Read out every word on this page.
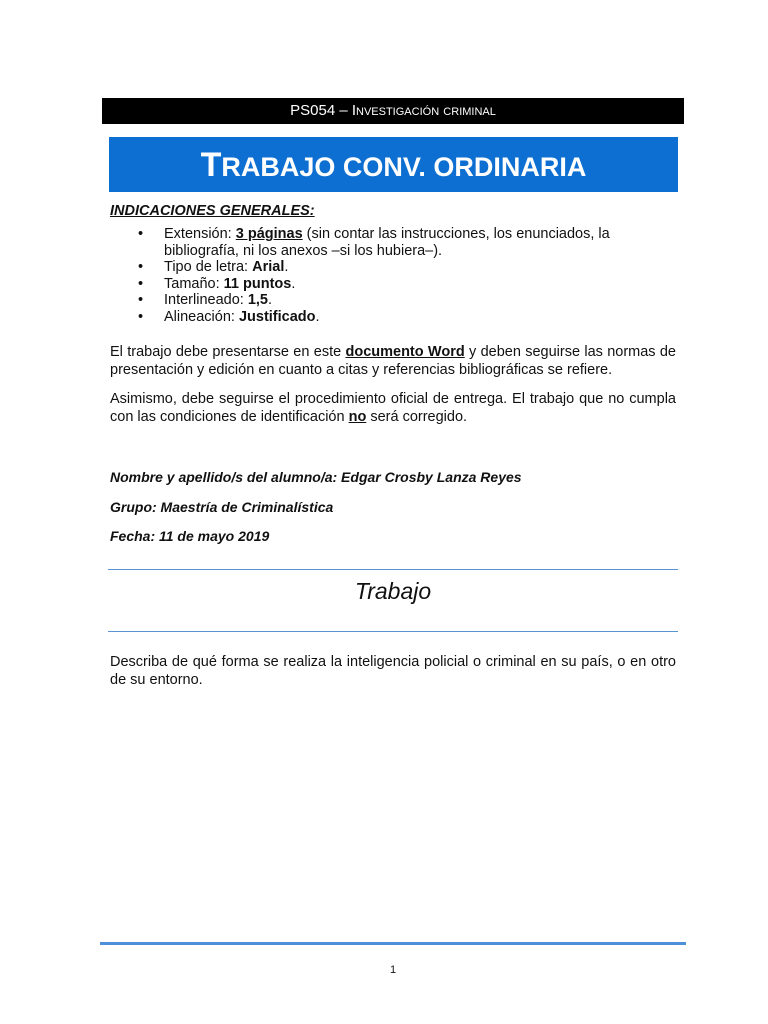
PS054 – Investigación criminal
TRABAJO CONV. ORDINARIA
INDICACIONES GENERALES:
• Extensión: 3 páginas (sin contar las instrucciones, los enunciados, la bibliografía, ni los anexos –si los hubiera–).
• Tipo de letra: Arial.
• Tamaño: 11 puntos.
• Interlineado: 1,5.
• Alineación: Justificado.

El trabajo debe presentarse en este documento Word y deben seguirse las normas de presentación y edición en cuanto a citas y referencias bibliográficas se refiere.

Asimismo, debe seguirse el procedimiento oficial de entrega. El trabajo que no cumpla con las condiciones de identificación no será corregido.

Nombre y apellido/s del alumno/a: Edgar Crosby Lanza Reyes
Grupo: Maestría de Criminalística
Fecha: 11 de mayo 2019
Trabajo

Describa de qué forma se realiza la inteligencia policial o criminal en su país, o en otro de su entorno.

1
